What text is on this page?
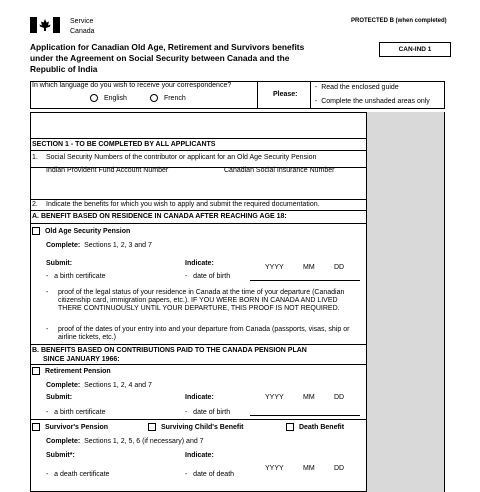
Service
Canada
PROTECTED B (when completed)
CAN-IND 1
Application for Canadian Old Age, Retirement and Survivors benefits under the Agreement on Social Security between Canada and the Republic of India
In which language do you wish to receive your correspondence?
English	French
Please:
-  Read the enclosed guide
-  Complete the unshaded areas only
SECTION 1 - TO BE COMPLETED BY ALL APPLICANTS
1. Social Security Numbers of the contributor or applicant for an Old Age Security Pension
Indian Provident Fund Account Number	Canadian Social Insurance Number
2. Indicate the benefits for which you wish to apply and submit the required documentation.
A. BENEFIT BASED ON RESIDENCE IN CANADA AFTER REACHING AGE 18:
Old Age Security Pension
Complete: Sections 1, 2, 3 and 7
Submit:	Indicate:
YYYY	MM	DD
-   a birth certificate	-   date of birth
- proof of the legal status of your residence in Canada at the time of your departure (Canadian citizenship card, immigration papers, etc.). IF YOU WERE BORN IN CANADA AND LIVED THERE CONTINUOUSLY UNTIL YOUR DEPARTURE, THIS PROOF IS NOT REQUIRED.
- proof of the dates of your entry into and your departure from Canada (passports, visas, ship or airline tickets, etc.)
B. BENEFITS BASED ON CONTRIBUTIONS PAID TO THE CANADA PENSION PLAN
SINCE JANUARY 1966:
Retirement Pension
Complete: Sections 1, 2, 4 and 7
Submit:	Indicate:	YYYY	MM	DD
-   a birth certificate	-   date of birth
Survivor's Pension	Surviving Child's Benefit	Death Benefit
Complete: Sections 1, 2, 5, 6 (if necessary) and 7
Submit*:	Indicate:
YYYY	MM	DD
-   a death certificate	-   date of death
